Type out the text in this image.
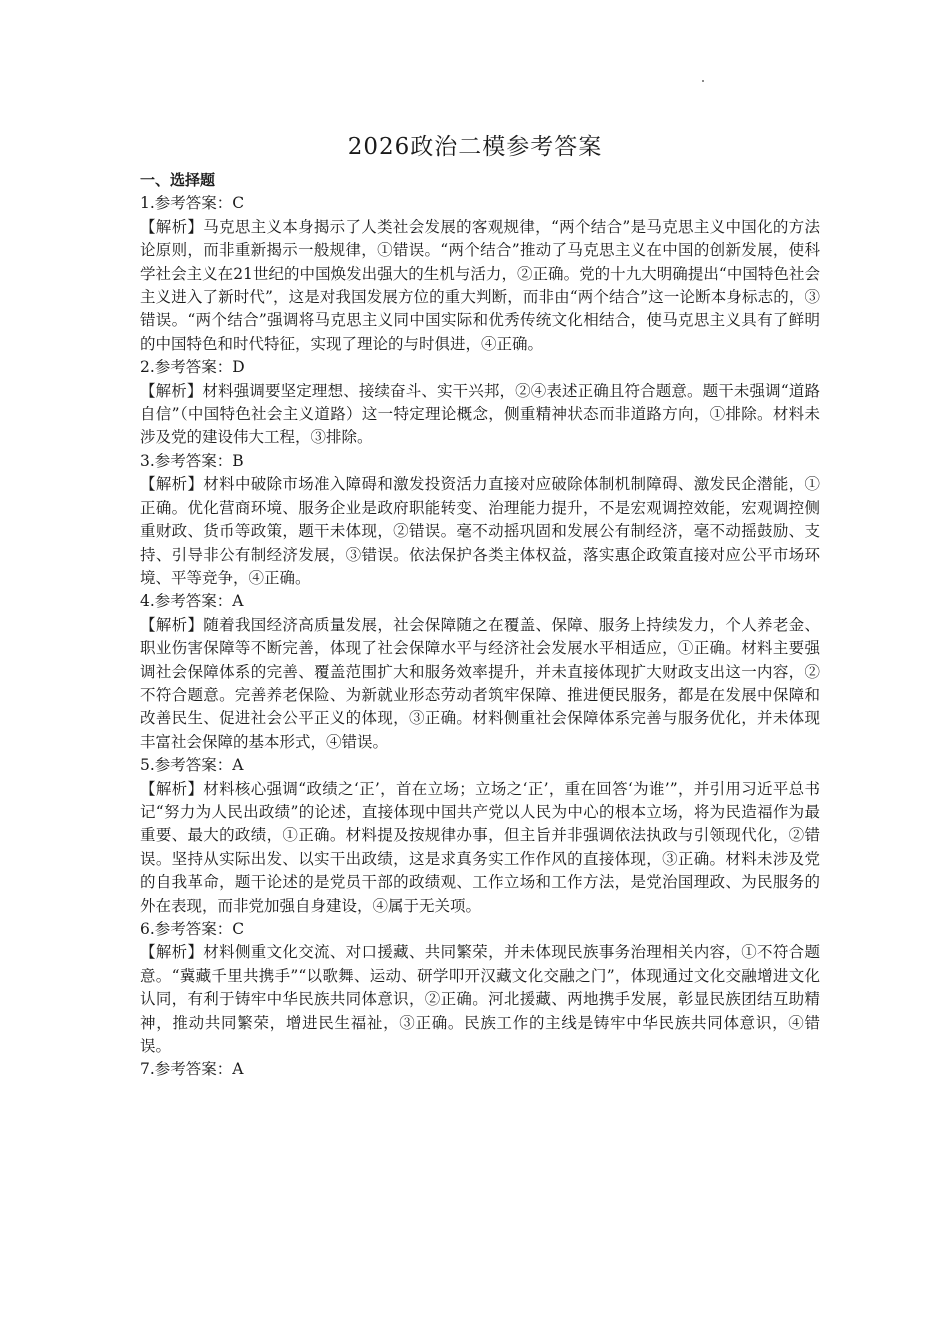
2026政治二模参考答案
一、选择题
1.参考答案：C
【解析】马克思主义本身揭示了人类社会发展的客观规律，“两个结合”是马克思主义中国化的方法论原则，而非重新揭示一般规律，①错误。“两个结合”推动了马克思主义在中国的创新发展，使科学社会主义在21世纪的中国焕发出强大的生机与活力，②正确。党的十九大明确提出“中国特色社会主义进入了新时代”，这是对我国发展方位的重大判断，而非由“两个结合”这一论断本身标志的，③错误。“两个结合”强调将马克思主义同中国实际和优秀传统文化相结合，使马克思主义具有了鲜明的中国特色和时代特征，实现了理论的与时俱进，④正确。
2.参考答案：D
【解析】材料强调要坚定理想、接续奋斗、实干兴邦，②④表述正确且符合题意。题干未强调“道路自信”（中国特色社会主义道路）这一特定理论概念，侧重精神状态而非道路方向，①排除。材料未涉及党的建设伟大工程，③排除。
3.参考答案：B
【解析】材料中破除市场准入障碍和激发投资活力直接对应破除体制机制障碍、激发民企潜能，①正确。优化营商环境、服务企业是政府职能转变、治理能力提升，不是宏观调控效能，宏观调控侧重财政、货币等政策，题干未体现，②错误。毫不动摇巩固和发展公有制经济，毫不动摇鼓励、支持、引导非公有制经济发展，③错误。依法保护各类主体权益，落实惠企政策直接对应公平市场环境、平等竞争，④正确。
4.参考答案：A
【解析】随着我国经济高质量发展，社会保障随之在覆盖、保障、服务上持续发力，个人养老金、职业伤害保障等不断完善，体现了社会保障水平与经济社会发展水平相适应，①正确。材料主要强调社会保障体系的完善、覆盖范围扩大和服务效率提升，并未直接体现扩大财政支出这一内容，②不符合题意。完善养老保险、为新就业形态劳动者筑牢保障、推进便民服务，都是在发展中保障和改善民生、促进社会公平正义的体现，③正确。材料侧重社会保障体系完善与服务优化，并未体现丰富社会保障的基本形式，④错误。
5.参考答案：A
【解析】材料核心强调“政绩之‘正’，首在立场；立场之‘正’，重在回答‘为谁’”，并引用习近平总书记“努力为人民出政绩”的论述，直接体现中国共产党以人民为中心的根本立场，将为民造福作为最重要、最大的政绩，①正确。材料提及按规律办事，但主旨并非强调依法执政与引领现代化，②错误。坚持从实际出发、以实干出政绩，这是求真务实工作作风的直接体现，③正确。材料未涉及党的自我革命，题干论述的是党员干部的政绩观、工作立场和工作方法，是党治国理政、为民服务的外在表现，而非党加强自身建设，④属于无关项。
6.参考答案：C
【解析】材料侧重文化交流、对口援藏、共同繁荣，并未体现民族事务治理相关内容，①不符合题意。“冀藏千里共携手”“以歌舞、运动、研学叩开汉藏文化交融之门”，体现通过文化交融增进文化认同，有利于铸牢中华民族共同体意识，②正确。河北援藏、两地携手发展，彰显民族团结互助精神，推动共同繁荣，增进民生福祉，③正确。民族工作的主线是铸牢中华民族共同体意识，④错误。
7.参考答案：A
